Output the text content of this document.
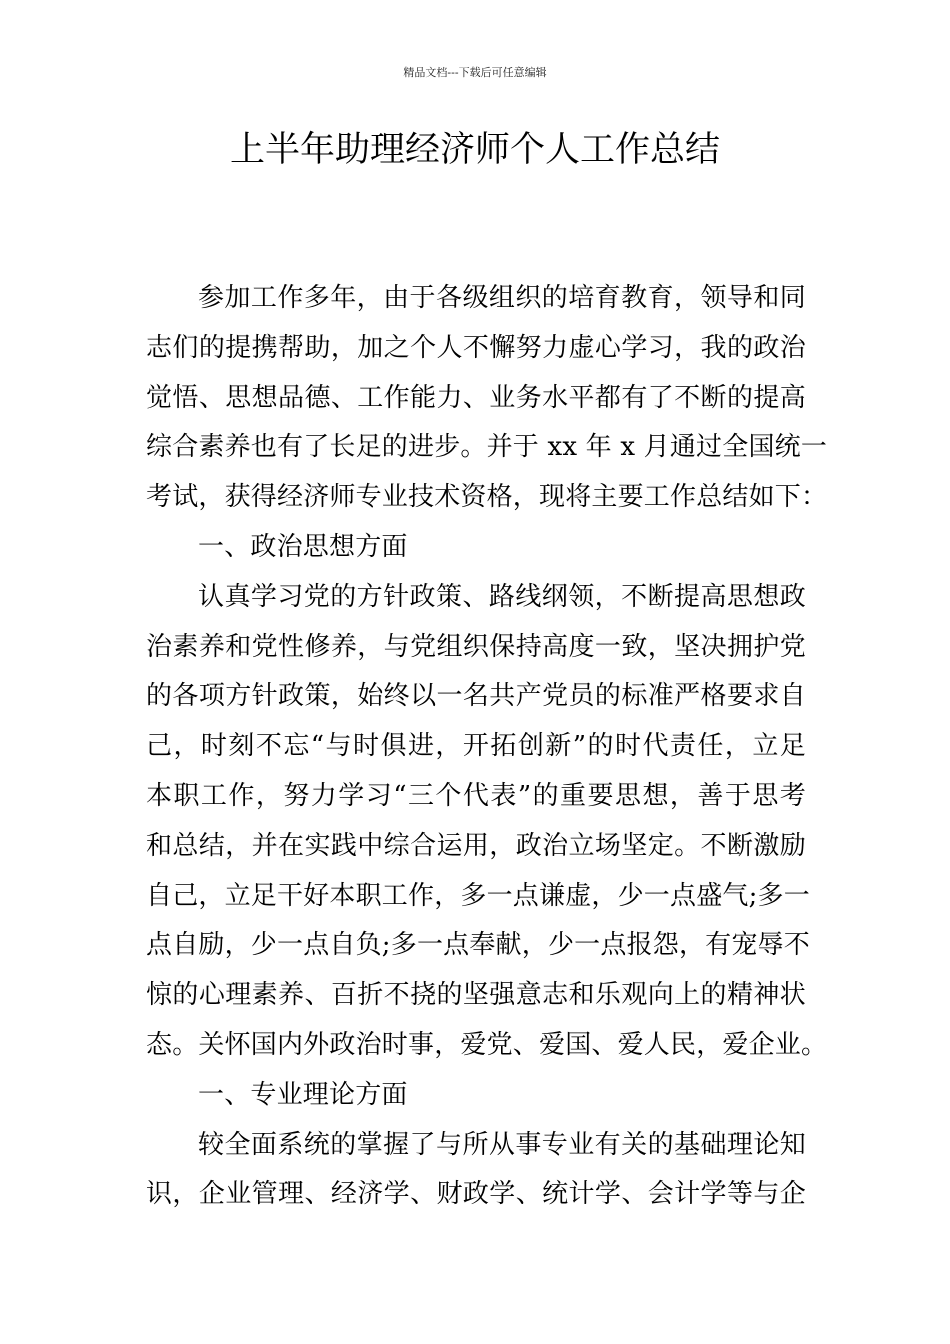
精品文档---下载后可任意编辑
上半年助理经济师个人工作总结

参加工作多年，由于各级组织的培育教育，领导和同
志们的提携帮助，加之个人不懈努力虚心学习，我的政治
觉悟、思想品德、工作能力、业务水平都有了不断的提高
综合素养也有了长足的进步。并于 xx 年 x 月通过全国统一
考试，获得经济师专业技术资格，现将主要工作总结如下：

一、政治思想方面

认真学习党的方针政策、路线纲领，不断提高思想政
治素养和党性修养，与党组织保持高度一致，坚决拥护党
的各项方针政策，始终以一名共产党员的标准严格要求自
己，时刻不忘“与时俱进，开拓创新”的时代责任，立足
本职工作，努力学习“三个代表”的重要思想，善于思考
和总结，并在实践中综合运用，政治立场坚定。不断激励
自己，立足干好本职工作，多一点谦虚，少一点盛气;多一
点自励，少一点自负;多一点奉献，少一点报怨，有宠辱不
惊的心理素养、百折不挠的坚强意志和乐观向上的精神状
态。关怀国内外政治时事，爱党、爱国、爱人民，爱企业。

一、专业理论方面

较全面系统的掌握了与所从事专业有关的基础理论知
识，企业管理、经济学、财政学、统计学、会计学等与企
